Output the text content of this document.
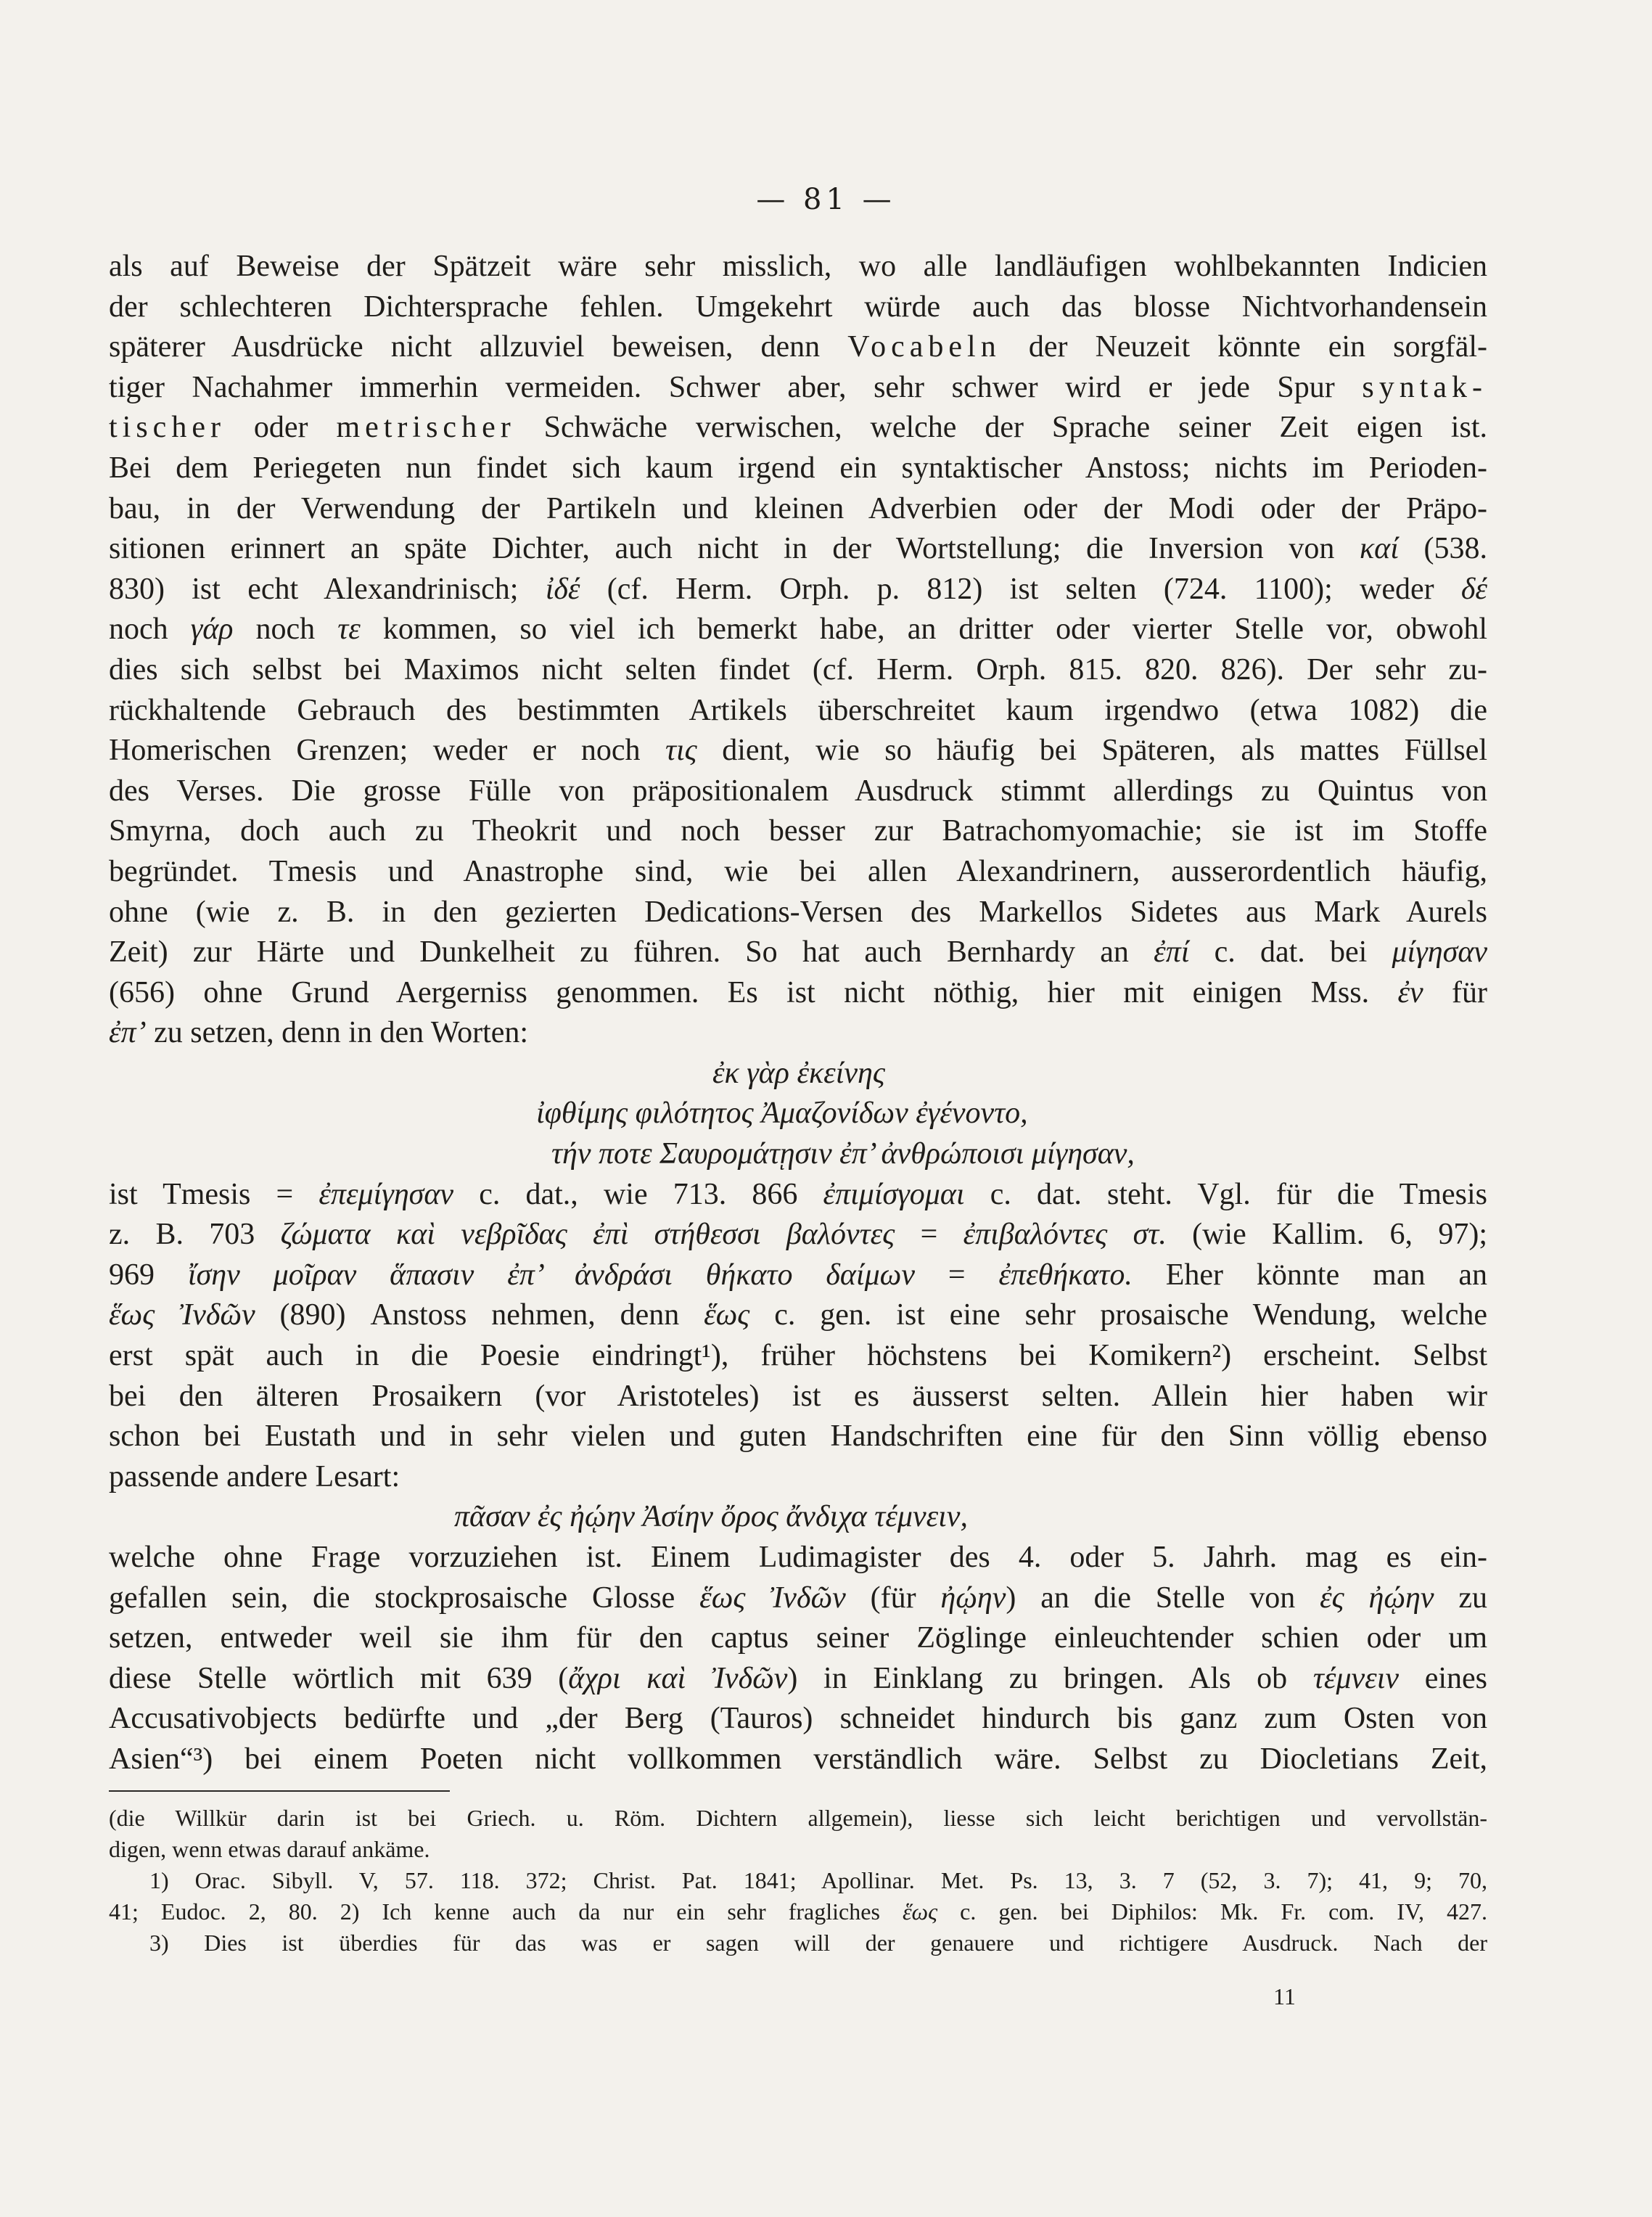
— 81 —
als auf Beweise der Spätzeit wäre sehr misslich, wo alle landläufigen wohlbekannten Indicien
der schlechteren Dichtersprache fehlen. Umgekehrt würde auch das blosse Nichtvorhandensein
späterer Ausdrücke nicht allzuviel beweisen, denn Vocabeln der Neuzeit könnte ein sorgfäl-
tiger Nachahmer immerhin vermeiden. Schwer aber, sehr schwer wird er jede Spur syntak-
tischer oder metrischer Schwäche verwischen, welche der Sprache seiner Zeit eigen ist.
Bei dem Periegeten nun findet sich kaum irgend ein syntaktischer Anstoss; nichts im Perioden-
bau, in der Verwendung der Partikeln und kleinen Adverbien oder der Modi oder der Präpo-
sitionen erinnert an späte Dichter, auch nicht in der Wortstellung; die Inversion von καί (538.
830) ist echt Alexandrinisch; ἰδέ (cf. Herm. Orph. p. 812) ist selten (724. 1100); weder δέ
noch γάρ noch τε kommen, so viel ich bemerkt habe, an dritter oder vierter Stelle vor, obwohl
dies sich selbst bei Maximos nicht selten findet (cf. Herm. Orph. 815. 820. 826). Der sehr zu-
rückhaltende Gebrauch des bestimmten Artikels überschreitet kaum irgendwo (etwa 1082) die
Homerischen Grenzen; weder er noch τις dient, wie so häufig bei Späteren, als mattes Füllsel
des Verses. Die grosse Fülle von präpositionalem Ausdruck stimmt allerdings zu Quintus von
Smyrna, doch auch zu Theokrit und noch besser zur Batrachomyomachie; sie ist im Stoffe
begründet. Tmesis und Anastrophe sind, wie bei allen Alexandrinern, ausserordentlich häufig,
ohne (wie z. B. in den gezierten Dedications-Versen des Markellos Sidetes aus Mark Aurels
Zeit) zur Härte und Dunkelheit zu führen. So hat auch Bernhardy an ἐπί c. dat. bei μίγησαν
(656) ohne Grund Aergerniss genommen. Es ist nicht nöthig, hier mit einigen Mss. ἐν für
ἐπ’ zu setzen, denn in den Worten:
ἐκ γὰρ ἐκείνης
ἰφθίμης φιλότητος Ἀμαζονίδων ἐγένοντο,
τήν ποτε Σαυρομάτῃσιν ἐπ’ ἀνθρώποισι μίγησαν,
ist Tmesis = ἐπεμίγησαν c. dat., wie 713. 866 ἐπιμίσγομαι c. dat. steht. Vgl. für die Tmesis
z. B. 703 ζώματα καὶ νεβρῖδας ἐπὶ στήθεσσι βαλόντες = ἐπιβαλόντες στ. (wie Kallim. 6, 97);
969 ἴσην μοῖραν ἅπασιν ἐπ’ ἀνδράσι θήκατο δαίμων = ἐπεθήκατο. Eher könnte man an
ἕως Ἰνδῶν (890) Anstoss nehmen, denn ἕως c. gen. ist eine sehr prosaische Wendung, welche
erst spät auch in die Poesie eindringt¹), früher höchstens bei Komikern²) erscheint. Selbst
bei den älteren Prosaikern (vor Aristoteles) ist es äusserst selten. Allein hier haben wir
schon bei Eustath und in sehr vielen und guten Handschriften eine für den Sinn völlig ebenso
passende andere Lesart:
πᾶσαν ἐς ἠῴην Ἀσίην ὄρος ἄνδιχα τέμνειν,
welche ohne Frage vorzuziehen ist. Einem Ludimagister des 4. oder 5. Jahrh. mag es ein-
gefallen sein, die stockprosaische Glosse ἕως Ἰνδῶν (für ἠῴην) an die Stelle von ἐς ἠῴην zu
setzen, entweder weil sie ihm für den captus seiner Zöglinge einleuchtender schien oder um
diese Stelle wörtlich mit 639 (ἄχρι καὶ Ἰνδῶν) in Einklang zu bringen. Als ob τέμνειν eines
Accusativobjects bedürfte und „der Berg (Tauros) schneidet hindurch bis ganz zum Osten von
Asien“³) bei einem Poeten nicht vollkommen verständlich wäre. Selbst zu Diocletians Zeit,
(die Willkür darin ist bei Griech. u. Röm. Dichtern allgemein), liesse sich leicht berichtigen und vervollstän-
digen, wenn etwas darauf ankäme.
1) Orac. Sibyll. V, 57. 118. 372; Christ. Pat. 1841; Apollinar. Met. Ps. 13, 3. 7 (52, 3. 7); 41, 9; 70,
41; Eudoc. 2, 80. 2) Ich kenne auch da nur ein sehr fragliches ἕως c. gen. bei Diphilos: Mk. Fr. com. IV, 427.
3) Dies ist überdies für das was er sagen will der genauere und richtigere Ausdruck. Nach der
11
